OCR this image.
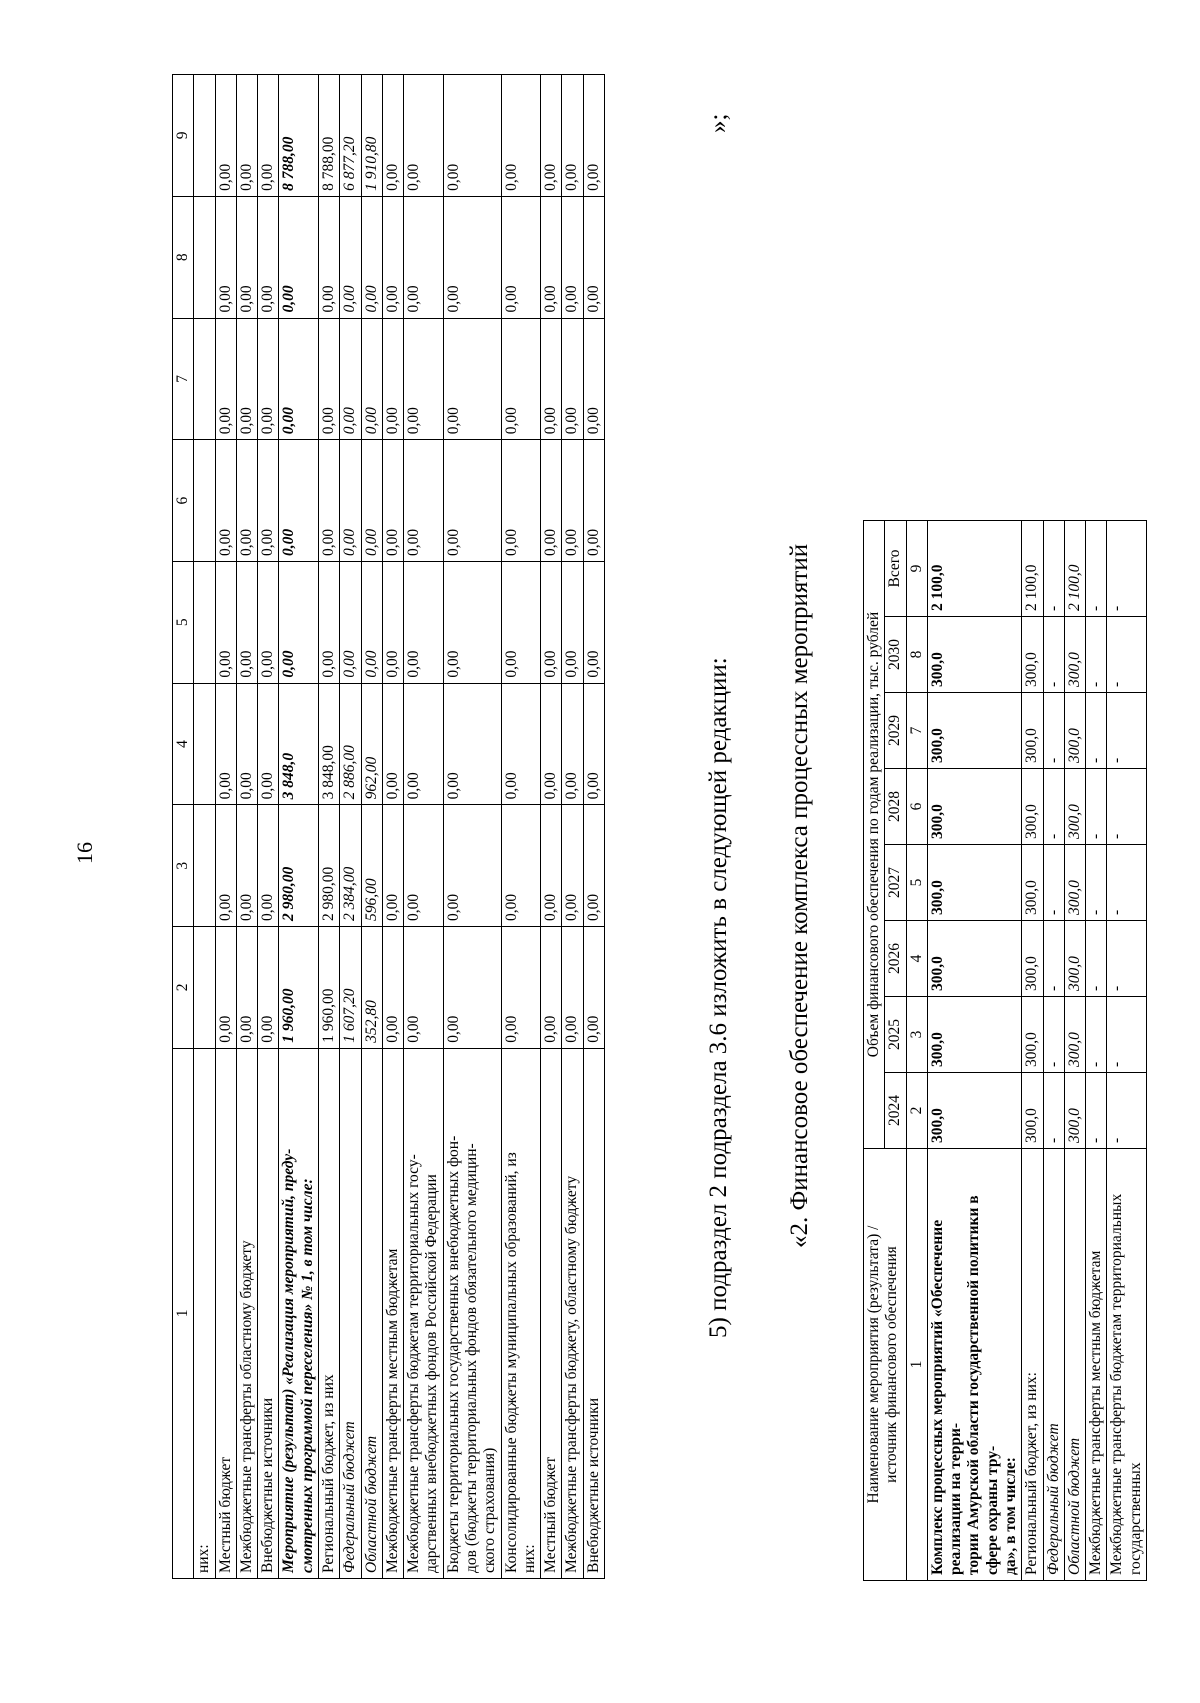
16
1	2	3	4	5	6	7	8	9
них:								
Местный бюджет	0,00	0,00	0,00	0,00	0,00	0,00	0,00	0,00
Межбюджетные трансферты областному бюджету	0,00	0,00	0,00	0,00	0,00	0,00	0,00	0,00
Внебюджетные источники	0,00	0,00	0,00	0,00	0,00	0,00	0,00	0,00
Мероприятие (результат) «Реализация мероприятий, преду-
смотренных программой переселения» № 1, в том числе:	1 960,00	2 980,00	3 848,0	0,00	0,00	0,00	0,00	8 788,00
Региональный бюджет, из них	1 960,00	2 980,00	3 848,00	0,00	0,00	0,00	0,00	8 788,00
Федеральный бюджет	1 607,20	2 384,00	2 886,00	0,00	0,00	0,00	0,00	6 877,20
Областной бюджет	352,80	596,00	962,00	0,00	0,00	0,00	0,00	1 910,80
Межбюджетные трансферты местным бюджетам	0,00	0,00	0,00	0,00	0,00	0,00	0,00	0,00
Межбюджетные трансферты бюджетам территориальных госу-
дарственных внебюджетных фондов Российской Федерации	0,00	0,00	0,00	0,00	0,00	0,00	0,00	0,00
Бюджеты территориальных государственных внебюджетных фон-
дов (бюджеты территориальных фондов обязательного медицин-
ского страхования)	0,00	0,00	0,00	0,00	0,00	0,00	0,00	0,00
Консолидированные бюджеты муниципальных образований, из
них:	0,00	0,00	0,00	0,00	0,00	0,00	0,00	0,00
Местный бюджет	0,00	0,00	0,00	0,00	0,00	0,00	0,00	0,00
Межбюджетные трансферты бюджету, областному бюджету	0,00	0,00	0,00	0,00	0,00	0,00	0,00	0,00
Внебюджетные источники	0,00	0,00	0,00	0,00	0,00	0,00	0,00	0,00
»;
5) подраздел 2 подраздела 3.6 изложить в следующей редакции: «2. Финансовое обеспечение комплекса процессных мероприятий
Наименование мероприятия (результата) /
источник финансового обеспечения	Объем финансового обеспечения по годам реализации, тыс. рублей							
	2024	2025	2026	2027	2028	2029	2030	Всего
1	2	3	4	5	6	7	8	9
Комплекс процессных мероприятий «Обеспечение реализации на терри-
тории Амурской области государственной политики в сфере охраны тру-
да», в том числе:	300,0	300,0	300,0	300,0	300,0	300,0	300,0	2 100,0
Региональный бюджет, из них:	300,0	300,0	300,0	300,0	300,0	300,0	300,0	2 100,0
Федеральный бюджет	-	-	-	-	-	-	-	-
Областной бюджет	300,0	300,0	300,0	300,0	300,0	300,0	300,0	2 100,0
Межбюджетные трансферты местным бюджетам	-	-	-	-	-	-	-	-
Межбюджетные трансферты бюджетам территориальных государственных	-	-	-	-	-	-	-	-
